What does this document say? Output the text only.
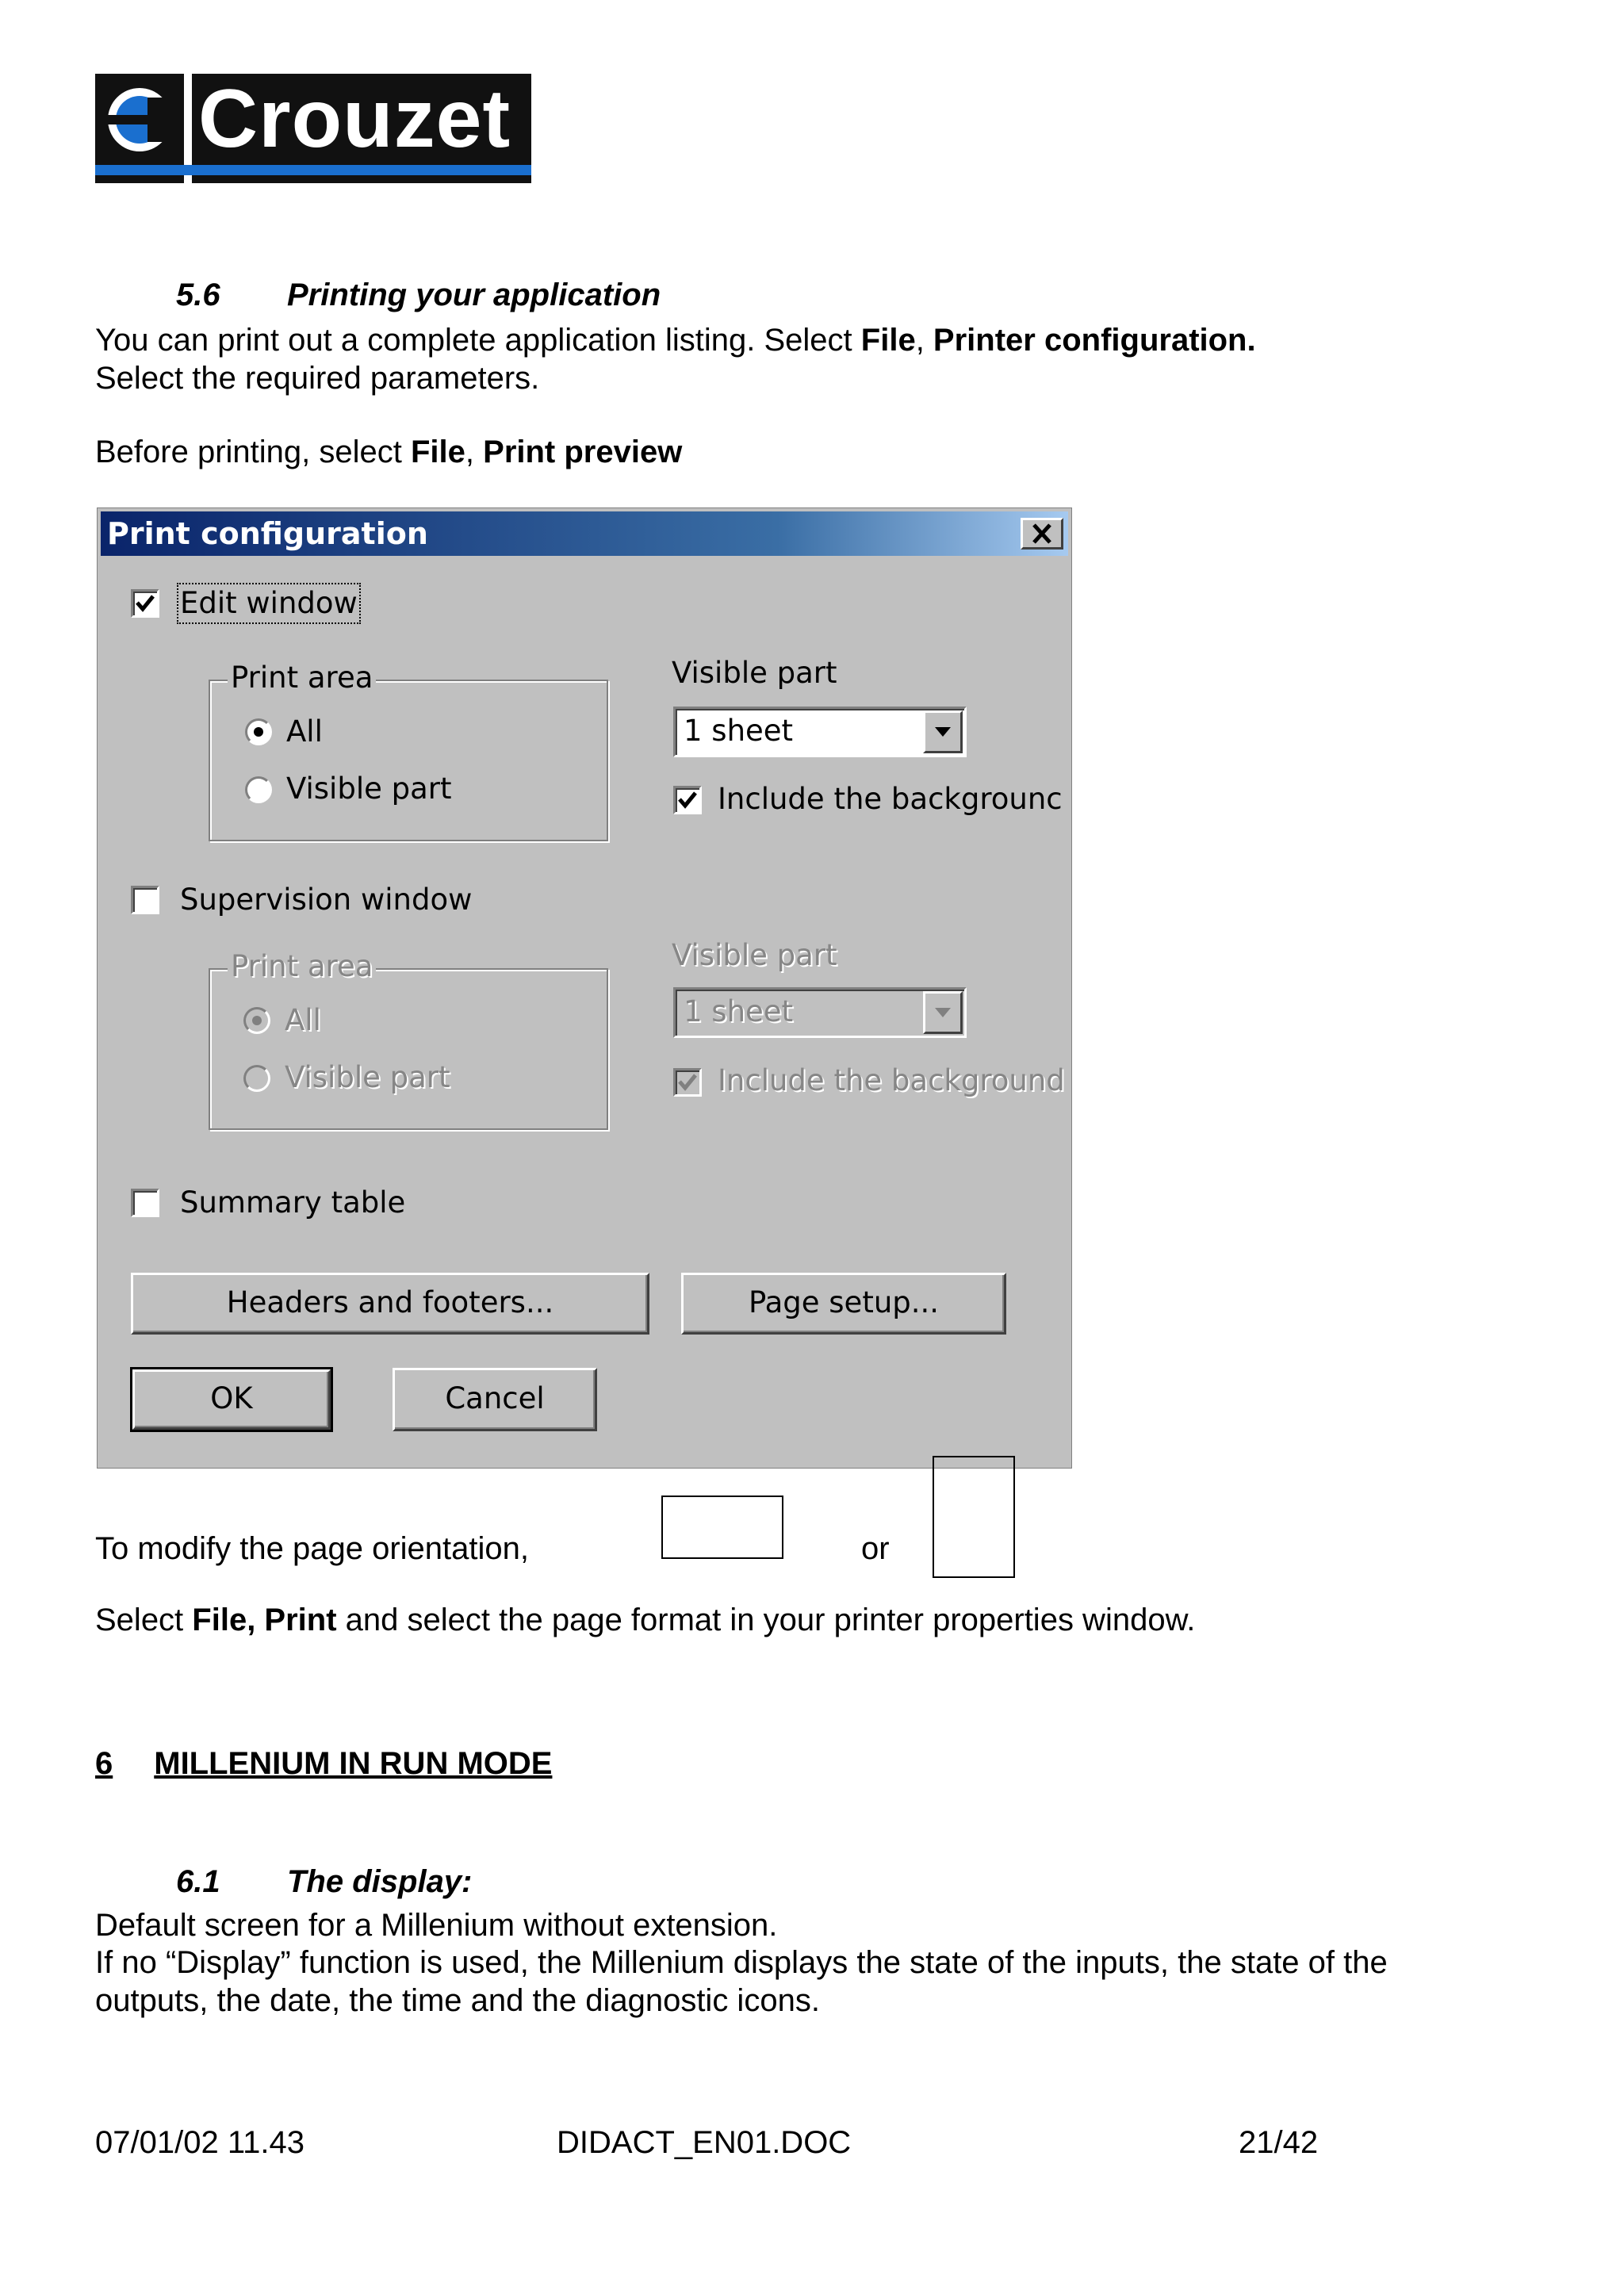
Crouzet
5.6 Printing your application
You can print out a complete application listing. Select File, Printer configuration.
Select the required parameters.
Before printing, select File, Print preview
Print configuration
Edit window
Print area
All
Visible part
Visible part
1 sheet
Include the backgrounc
Supervision window
Print area
All
Visible part
Visible part
1 sheet
Include the background
Summary table
Headers and footers...	Page setup...
OK	Cancel
To modify the page orientation,	or
Select File, Print and select the page format in your printer properties window.
6 MILLENIUM IN RUN MODE
6.1 The display:
Default screen for a Millenium without extension.
If no “Display” function is used, the Millenium displays the state of the inputs, the state of the
outputs, the date, the time and the diagnostic icons.
07/01/02 11.43	DIDACT_EN01.DOC	21/42
